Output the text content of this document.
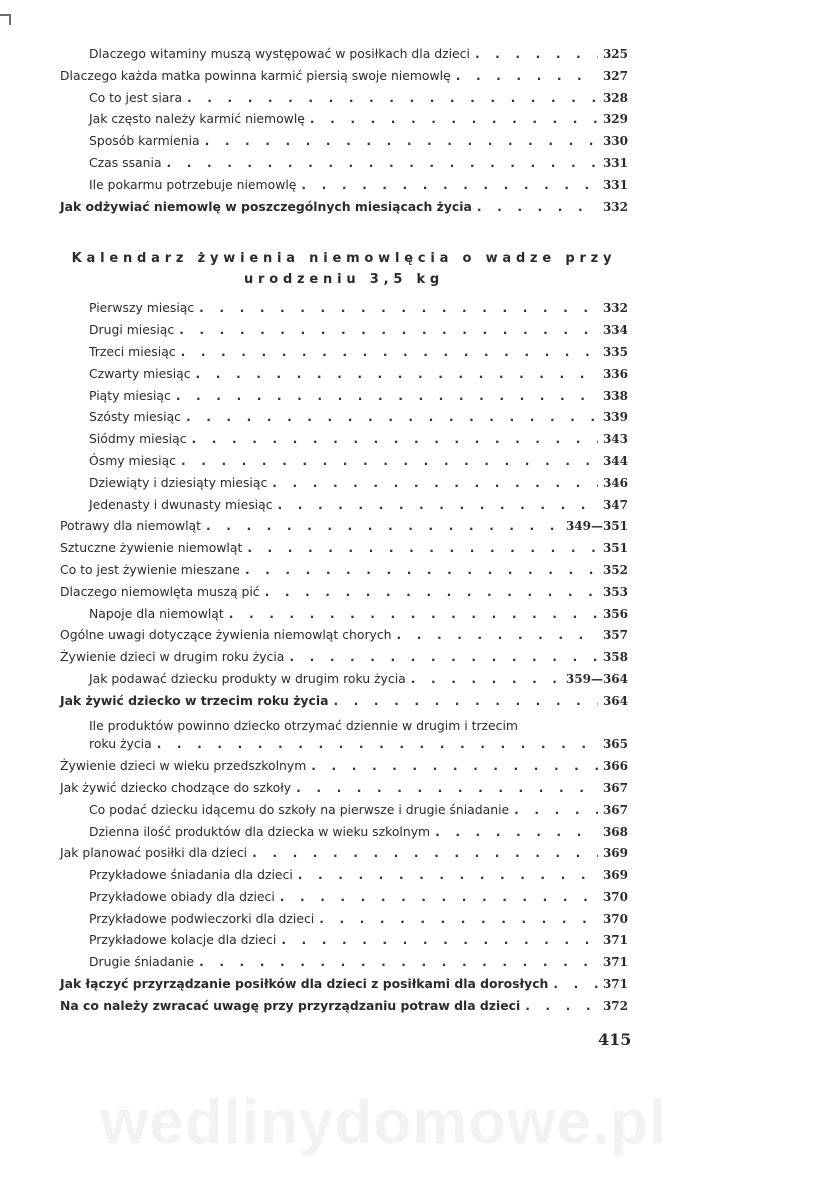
Dlaczego witaminy muszą występować w posiłkach dla dzieci . . .	325
Dlaczego każda matka powinna karmić piersią swoje niemowlę . . .	327
Co to jest siara . . .	328
Jak często należy karmić niemowlę . . .	329
Sposób karmienia . . .	330
Czas ssania . . .	331
Ile pokarmu potrzebuje niemowlę . . .	331
Jak odżywiać niemowlę w poszczególnych miesiącach życia . . .	332
Kalendarz żywienia niemowlęcia o wadze przy
urodzeniu 3,5 kg
Pierwszy miesiąc . . .	332
Drugi miesiąc . . .	334
Trzeci miesiąc . . .	335
Czwarty miesiąc . . .	336
Piąty miesiąc . . .	338
Szósty miesiąc . . .	339
Siódmy miesiąc . . .	343
Ósmy miesiąc . . .	344
Dziewiąty i dziesiąty miesiąc . . .	346
Jedenasty i dwunasty miesiąc . . .	347
Potrawy dla niemowląt . . .	349—351
Sztuczne żywienie niemowląt . . .	351
Co to jest żywienie mieszane . . .	352
Dlaczego niemowlęta muszą pić . . .	353
Napoje dla niemowląt . . .	356
Ogólne uwagi dotyczące żywienia niemowląt chorych . . .	357
Żywienie dzieci w drugim roku życia . . .	358
Jak podawać dziecku produkty w drugim roku życia . . .	359—364
Jak żywić dziecko w trzecim roku życia . . .	364
Ile produktów powinno dziecko otrzymać dziennie w drugim i trzecim
roku życia . . .	365
Żywienie dzieci w wieku przedszkolnym . . .	366
Jak żywić dziecko chodzące do szkoły . . .	367
Co podać dziecku idącemu do szkoły na pierwsze i drugie śniadanie . . .	367
Dzienna ilość produktów dla dziecka w wieku szkolnym . . .	368
Jak planować posiłki dla dzieci . . .	369
Przykładowe śniadania dla dzieci . . .	369
Przykładowe obiady dla dzieci . . .	370
Przykładowe podwieczorki dla dzieci . . .	370
Przykładowe kolacje dla dzieci . . .	371
Drugie śniadanie . . .	371
Jak łączyć przyrządzanie posiłków dla dzieci z posiłkami dla dorosłych . . .	371
Na co należy zwracać uwagę przy przyrządzaniu potraw dla dzieci . . .	372
415
wedlinydomowe.pl
